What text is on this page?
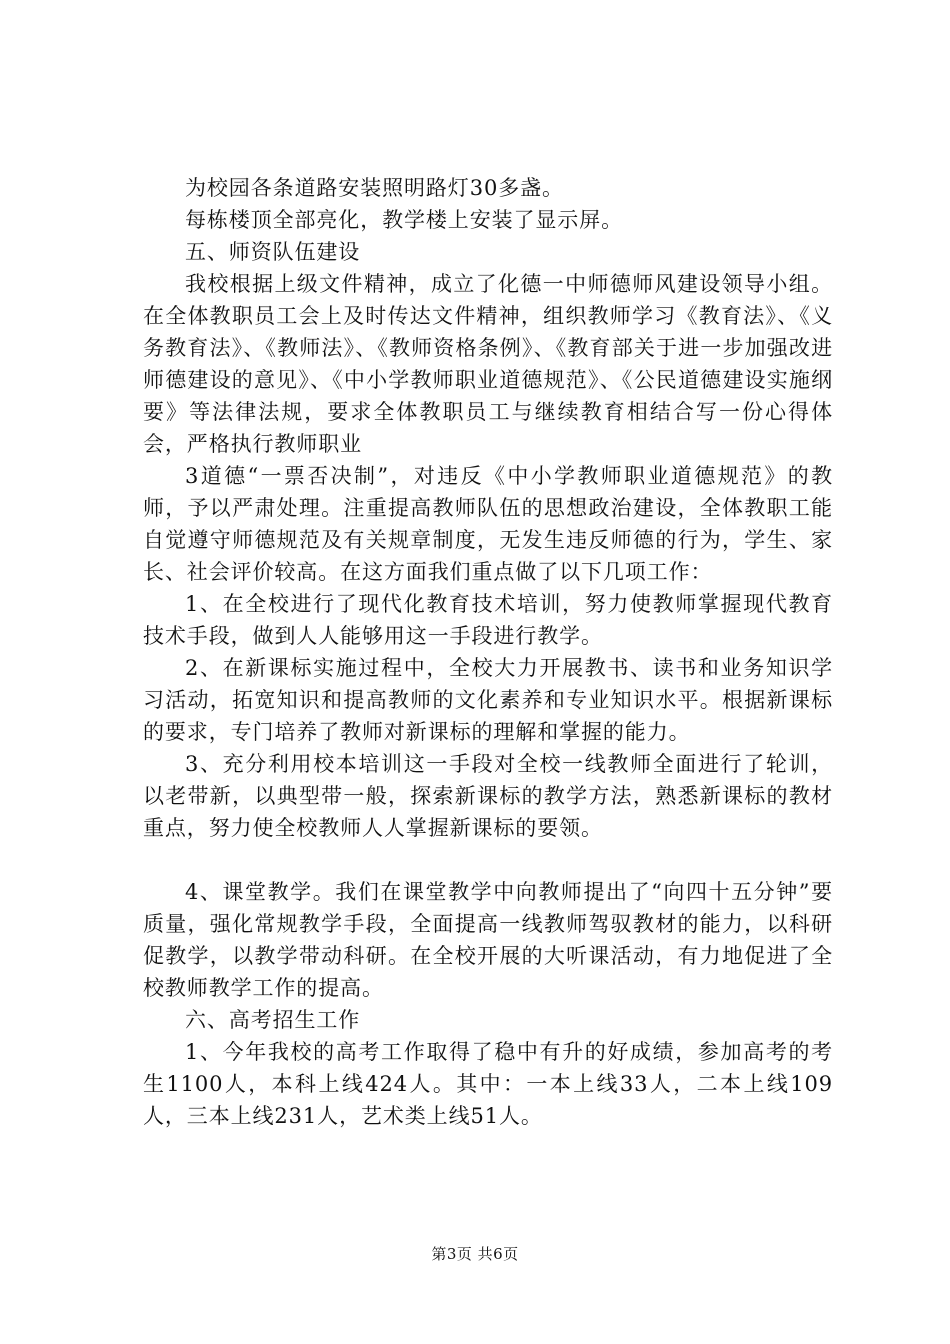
为校园各条道路安装照明路灯30多盏。

每栋楼顶全部亮化，教学楼上安装了显示屏。

五、师资队伍建设

我校根据上级文件精神，成立了化德一中师德师风建设领导小组。在全体教职员工会上及时传达文件精神，组织教师学习《教育法》、《义务教育法》、《教师法》、《教师资格条例》、《教育部关于进一步加强改进师德建设的意见》、《中小学教师职业道德规范》、《公民道德建设实施纲要》等法律法规，要求全体教职员工与继续教育相结合写一份心得体会，严格执行教师职业

3道德“一票否决制”，对违反《中小学教师职业道德规范》的教师，予以严肃处理。注重提高教师队伍的思想政治建设，全体教职工能自觉遵守师德规范及有关规章制度，无发生违反师德的行为，学生、家长、社会评价较高。在这方面我们重点做了以下几项工作：

1、在全校进行了现代化教育技术培训，努力使教师掌握现代教育技术手段，做到人人能够用这一手段进行教学。

2、在新课标实施过程中，全校大力开展教书、读书和业务知识学习活动，拓宽知识和提高教师的文化素养和专业知识水平。根据新课标的要求，专门培养了教师对新课标的理解和掌握的能力。

3、充分利用校本培训这一手段对全校一线教师全面进行了轮训，以老带新，以典型带一般，探索新课标的教学方法，熟悉新课标的教材重点，努力使全校教师人人掌握新课标的要领。

4、课堂教学。我们在课堂教学中向教师提出了“向四十五分钟”要质量，强化常规教学手段，全面提高一线教师驾驭教材的能力，以科研促教学，以教学带动科研。在全校开展的大听课活动，有力地促进了全校教师教学工作的提高。

六、高考招生工作

1、今年我校的高考工作取得了稳中有升的好成绩，参加高考的考生1100人，本科上线424人。其中：一本上线33人，二本上线109人，三本上线231人，艺术类上线51人。

第3页 共6页
